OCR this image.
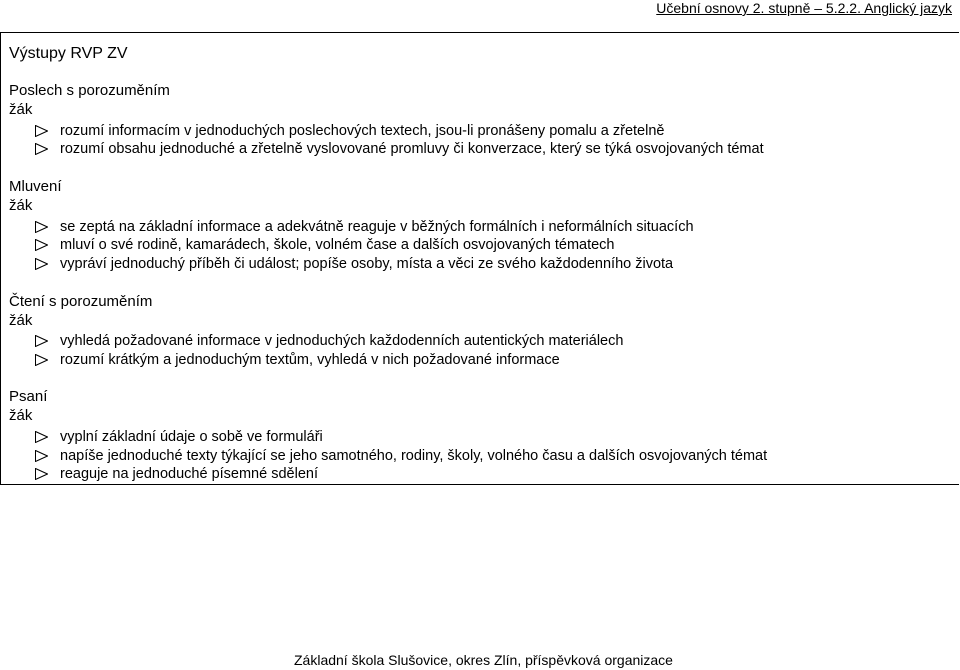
Učební osnovy 2. stupně – 5.2.2. Anglický jazyk
Výstupy RVP ZV
Poslech s porozuměním
žák
rozumí informacím v jednoduchých poslechových textech, jsou-li pronášeny pomalu a zřetelně
rozumí obsahu jednoduché a zřetelně vyslovované promluvy či konverzace, který se týká osvojovaných témat
Mluvení
žák
se zeptá na základní informace a adekvátně reaguje v běžných formálních i neformálních situacích
mluví o své rodině, kamarádech, škole, volném čase a dalších osvojovaných tématech
vypráví jednoduchý příběh či událost; popíše osoby, místa a věci ze svého každodenního života
Čtení s porozuměním
žák
vyhledá požadované informace v jednoduchých každodenních autentických materiálech
rozumí krátkým a jednoduchým textům, vyhledá v nich požadované informace
Psaní
žák
vyplní základní údaje o sobě ve formuláři
napíše jednoduché texty týkající se jeho samotného, rodiny, školy, volného času a dalších osvojovaných témat
reaguje na jednoduché písemné sdělení
Základní škola Slušovice, okres Zlín, příspěvková organizace
